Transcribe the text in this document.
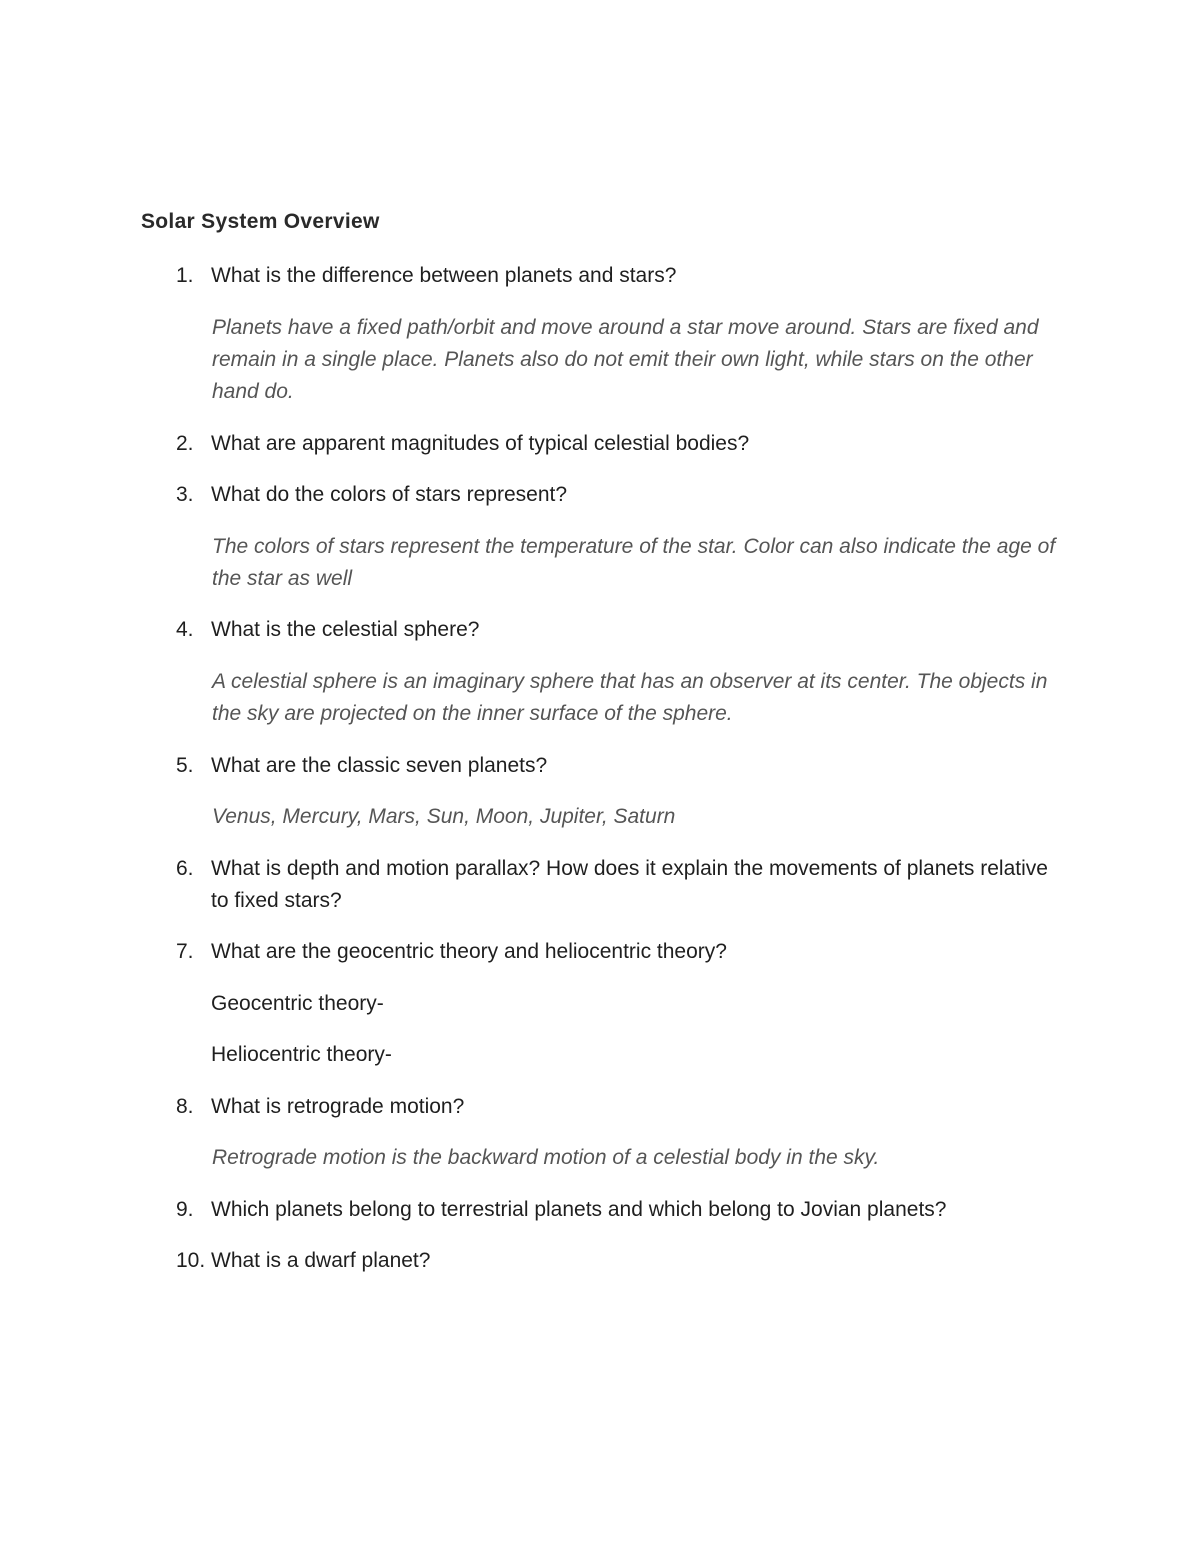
Solar System Overview
1. What is the difference between planets and stars?
Planets have a fixed path/orbit and move around a star move around. Stars are fixed and remain in a single place. Planets also do not emit their own light, while stars on the other hand do.
2. What are apparent magnitudes of typical celestial bodies?
3. What do the colors of stars represent?
The colors of stars represent the temperature of the star. Color can also indicate the age of the star as well
4. What is the celestial sphere?
A celestial sphere is an imaginary sphere that has an observer at its center. The objects in the sky are projected on the inner surface of the sphere.
5. What are the classic seven planets?
Venus, Mercury, Mars, Sun, Moon, Jupiter, Saturn
6. What is depth and motion parallax? How does it explain the movements of planets relative to fixed stars?
7. What are the geocentric theory and heliocentric theory?
Geocentric theory-
Heliocentric theory-
8. What is retrograde motion?
Retrograde motion is the backward motion of a celestial body in the sky.
9. Which planets belong to terrestrial planets and which belong to Jovian planets?
10. What is a dwarf planet?
